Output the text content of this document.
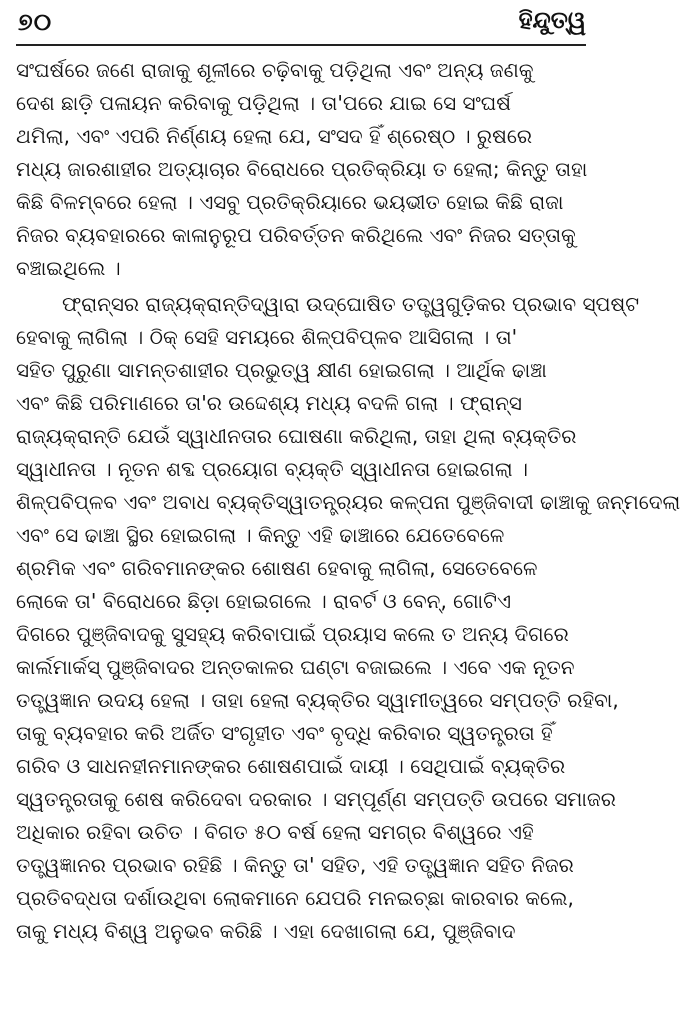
୭୦	ହିନ୍ଦୁତ୍ୱ
ସଂଘର୍ଷରେ ଜଣେ ରାଜାକୁ ଶୂଳୀରେ ଚଢ଼ିବାକୁ ପଡ଼ିଥିଲା ଏବଂ ଅନ୍ୟ ଜଣକୁ
ଦେଶ ଛାଡ଼ି ପଳାୟନ କରିବାକୁ ପଡ଼ିଥିଲା । ତା'ପରେ ଯାଇ ସେ ସଂଘର୍ଷ
ଥମିଲା, ଏବଂ ଏପରି ନିର୍ଣ୍ଣୟ ହେଲା ଯେ, ସଂସଦ ହିଁ ଶ୍ରେଷ୍ଠ । ରୁଷରେ
ମଧ୍ୟ ଜାରଶାହୀର ଅତ୍ୟାଚାର ବିରୋଧରେ ପ୍ରତିକ୍ରିୟା ତ ହେଲା; କିନ୍ତୁ ତାହା
କିଛି ବିଳମ୍ବରେ ହେଲା । ଏସବୁ ପ୍ରତିକ୍ରିୟାରେ ଭୟଭୀତ ହୋଇ କିଛି ରାଜା
ନିଜର ବ୍ୟବହାରରେ କାଳାନୁରୂପ ପରିବର୍ତ୍ତନ କରିଥିଲେ ଏବଂ ନିଜର ସତ୍ତାକୁ
ବଞ୍ଚାଇଥିଲେ ।
ଫ୍ରାନ୍ସର ରାଜ୍ୟକ୍ରାନ୍ତିଦ୍ୱାରା ଉଦ୍‌ଘୋଷିତ ତତ୍ତ୍ୱଗୁଡ଼ିକର ପ୍ରଭାବ ସ୍ପଷ୍ଟ
ହେବାକୁ ଲାଗିଲା । ଠିକ୍ ସେହି ସମୟରେ ଶିଳ୍ପବିପ୍ଳବ ଆସିଗଲା । ତା'
ସହିତ ପୁରୁଣା ସାମନ୍ତଶାହୀର ପ୍ରଭୁତ୍ୱ କ୍ଷୀଣ ହୋଇଗଲା । ଆର୍ଥିକ ଢାଞ୍ଚା
ଏବଂ କିଛି ପରିମାଣରେ ତା'ର ଉଦ୍ଦେଶ୍ୟ ମଧ୍ୟ ବଦଳି ଗଲା । ଫ୍ରାନ୍ସ
ରାଜ୍ୟକ୍ରାନ୍ତି ଯେଉଁ ସ୍ୱାଧୀନତାର ଘୋଷଣା କରିଥିଲା, ତାହା ଥିଲା ବ୍ୟକ୍ତିର
ସ୍ୱାଧୀନତା । ନୂତନ ଶବ୍ଦ ପ୍ରୟୋଗ ବ୍ୟକ୍ତି ସ୍ୱାଧୀନତା ହୋଇଗଲା ।
ଶିଳ୍ପବିପ୍ଳବ ଏବଂ ଅବାଧ ବ୍ୟକ୍ତିସ୍ୱାତନ୍ତ୍ର୍ୟର କଳ୍ପନା ପୁଞ୍ଜିବାଦୀ ଢାଞ୍ଚାକୁ ଜନ୍ମଦେଲା
ଏବଂ ସେ ଢାଞ୍ଚା ସ୍ଥିର ହୋଇଗଲା । କିନ୍ତୁ ଏହି ଢାଞ୍ଚାରେ ଯେତେବେଳେ
ଶ୍ରମିକ ଏବଂ ଗରିବମାନଙ୍କର ଶୋଷଣ ହେବାକୁ ଲାଗିଲା, ସେତେବେଳେ
ଲୋକେ ତା' ବିରୋଧରେ ଛିଡ଼ା ହୋଇଗଲେ । ରାବର୍ଟ ଓ ବେନ୍, ଗୋଟିଏ
ଦିଗରେ ପୁଞ୍ଜିବାଦକୁ ସୁସହ୍ୟ କରିବାପାଇଁ ପ୍ରୟାସ କଲେ ତ ଅନ୍ୟ ଦିଗରେ
କାର୍ଲମାର୍କସ୍ ପୁଞ୍ଜିବାଦର ଅନ୍ତକାଳର ଘଣ୍ଟା ବଜାଇଲେ । ଏବେ ଏକ ନୂତନ
ତତ୍ତ୍ୱଜ୍ଞାନ ଉଦୟ ହେଲା । ତାହା ହେଲା ବ୍ୟକ୍ତିର ସ୍ୱାମୀତ୍ୱରେ ସମ୍ପତ୍ତି ରହିବା,
ତାକୁ ବ୍ୟବହାର କରି ଅର୍ଜିତ ସଂଗୃହୀତ ଏବଂ ବୃଦ୍ଧି କରିବାର ସ୍ୱତନ୍ତ୍ରତା ହିଁ
ଗରିବ ଓ ସାଧନହୀନମାନଙ୍କର ଶୋଷଣପାଇଁ ଦାୟୀ । ସେଥିପାଇଁ ବ୍ୟକ୍ତିର
ସ୍ୱତନ୍ତ୍ରତାକୁ ଶେଷ କରିଦେବା ଦରକାର । ସମ୍ପୂର୍ଣ୍ଣ ସମ୍ପତ୍ତି ଉପରେ ସମାଜର
ଅଧିକାର ରହିବା ଉଚିତ । ବିଗତ ୫୦ ବର୍ଷ ହେଲା ସମଗ୍ର ବିଶ୍ୱରେ ଏହି
ତତ୍ତ୍ୱଜ୍ଞାନର ପ୍ରଭାବ ରହିଛି । କିନ୍ତୁ ତା' ସହିତ, ଏହି ତତ୍ତ୍ୱଜ୍ଞାନ ସହିତ ନିଜର
ପ୍ରତିବଦ୍ଧତା ଦର୍ଶାଉଥିବା ଲୋକମାନେ ଯେପରି ମନଇଚ୍ଛା କାରବାର କଲେ,
ତାକୁ ମଧ୍ୟ ବିଶ୍ୱ ଅନୁଭବ କରିଛି । ଏହା ଦେଖାଗଲା ଯେ, ପୁଞ୍ଜିବାଦ
